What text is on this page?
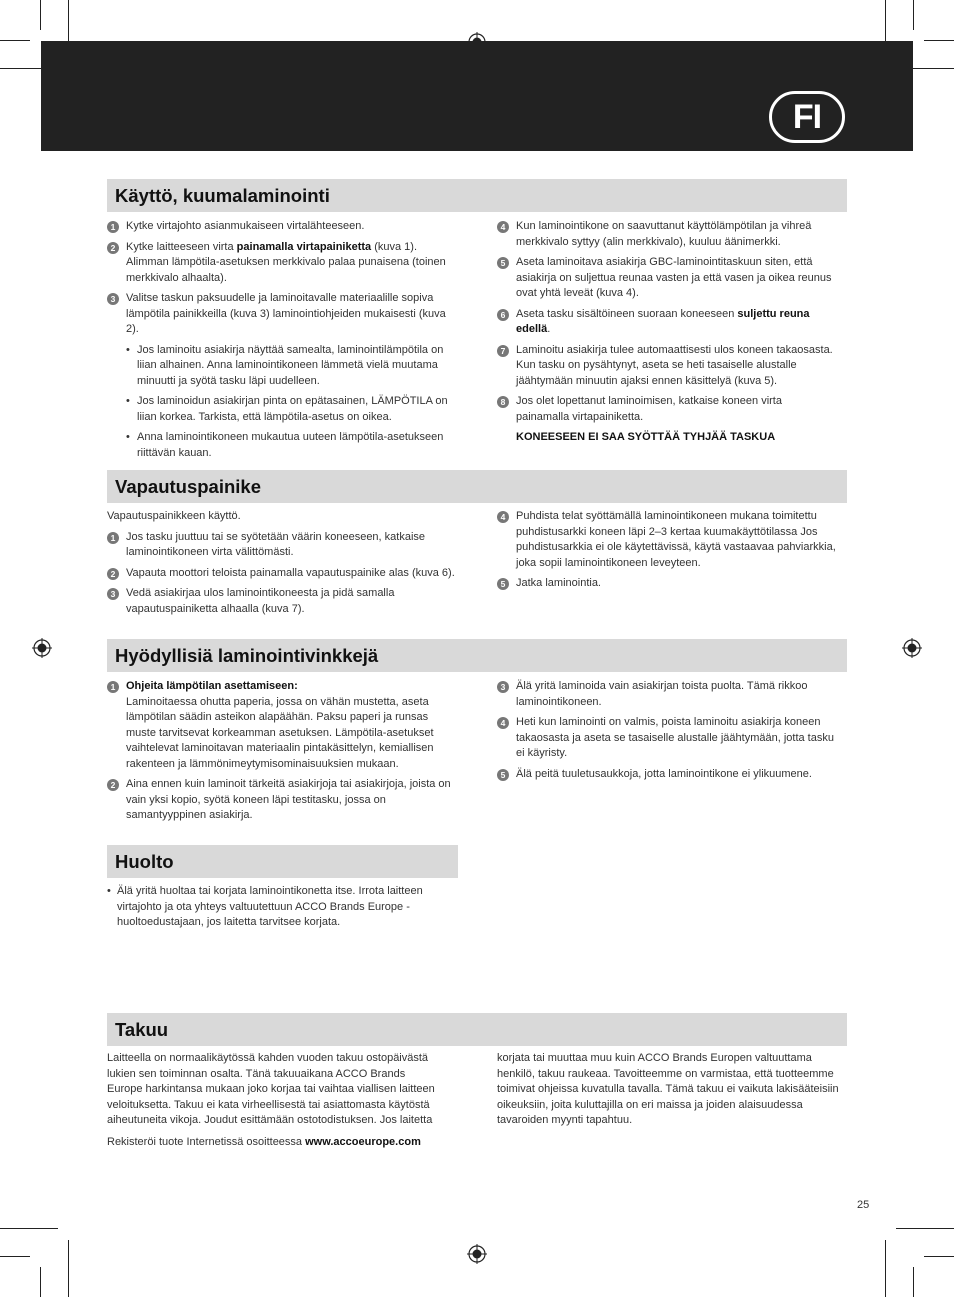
FI
Käyttö, kuumalaminointi
1 Kytke virtajohto asianmukaiseen virtalähteeseen.
2 Kytke laitteeseen virta painamalla virtapainiketta (kuva 1). Alimman lämpötila-asetuksen merkkivalo palaa punaisena (toinen merkkivalo alhaalta).
3 Valitse taskun paksuudelle ja laminoitavalle materiaalille sopiva lämpötila painikkeilla (kuva 3) laminointiohjeiden mukaisesti (kuva 2).
• Jos laminoitu asiakirja näyttää samealta, laminointilämpötila on liian alhainen. Anna laminointikoneen lämmetä vielä muutama minuutti ja syötä tasku läpi uudelleen.
• Jos laminoidun asiakirjan pinta on epätasainen, LÄMPÖTILA on liian korkea. Tarkista, että lämpötila-asetus on oikea.
• Anna laminointikoneen mukautua uuteen lämpötila-asetukseen riittävän kauan.
4 Kun laminointikone on saavuttanut käyttölämpötilan ja vihreä merkkivalo syttyy (alin merkkivalo), kuuluu äänimerkki.
5 Aseta laminoitava asiakirja GBC-laminointitaskuun siten, että asiakirja on suljettua reunaa vasten ja että vasen ja oikea reunus ovat yhtä leveät (kuva 4).
6 Aseta tasku sisältöineen suoraan koneeseen suljettu reuna edellä.
7 Laminoitu asiakirja tulee automaattisesti ulos koneen takaosasta. Kun tasku on pysähtynyt, aseta se heti tasaiselle alustalle jäähtymään minuutin ajaksi ennen käsittelyä (kuva 5).
8 Jos olet lopettanut laminoimisen, katkaise koneen virta painamalla virtapainiketta.
KONEESEEN EI SAA SYÖTTÄÄ TYHJÄÄ TASKUA
Vapautuspainike

Vapautuspainikkeen käyttö.

1 Jos tasku juuttuu tai se syötetään väärin koneeseen, katkaise laminointikoneen virta välittömästi.
2 Vapauta moottori teloista painamalla vapautuspainike alas (kuva 6).
3 Vedä asiakirjaa ulos laminointikoneesta ja pidä samalla vapautuspainiketta alhaalla (kuva 7).
4 Puhdista telat syöttämällä laminointikoneen mukana toimitettu puhdistusarkki koneen läpi 2–3 kertaa kuumakäyttötilassa Jos puhdistusarkkia ei ole käytettävissä, käytä vastaavaa pahviarkkia, joka sopii laminointikoneen leveyteen.
5 Jatka laminointia.
Hyödyllisiä laminointivinkkejä
1 Ohjeita lämpötilan asettamiseen:
Laminoitaessa ohutta paperia, jossa on vähän mustetta, aseta lämpötilan säädin asteikon alapäähän. Paksu paperi ja runsas muste tarvitsevat korkeamman asetuksen. Lämpötila-asetukset vaihtelevat laminoitavan materiaalin pintakäsittelyn, kemiallisen rakenteen ja lämmönimeytymisominaisuuksien mukaan.
2 Aina ennen kuin laminoit tärkeitä asiakirjoja tai asiakirjoja, joista on vain yksi kopio, syötä koneen läpi testitasku, jossa on samantyyppinen asiakirja.
3 Älä yritä laminoida vain asiakirjan toista puolta. Tämä rikkoo laminointikoneen.
4 Heti kun laminointi on valmis, poista laminoitu asiakirja koneen takaosasta ja aseta se tasaiselle alustalle jäähtymään, jotta tasku ei käyristy.
5 Älä peitä tuuletusaukkoja, jotta laminointikone ei ylikuumene.
Huolto
• Älä yritä huoltaa tai korjata laminointikonetta itse. Irrota laitteen virtajohto ja ota yhteys valtuutettuun ACCO Brands Europe -huoltoedustajaan, jos laitetta tarvitsee korjata.
Takuu

Laitteella on normaalikäytössä kahden vuoden takuu ostopäivästä lukien sen toiminnan osalta. Tänä takuuaikana ACCO Brands Europe harkintansa mukaan joko korjaa tai vaihtaa viallisen laitteen veloituksetta. Takuu ei kata virheellisestä tai asiattomasta käytöstä aiheutuneita vikoja. Joudut esittämään ostotodistuksen. Jos laitetta

Rekisteröi tuote Internetissä osoitteessa www.accoeurope.com

korjata tai muuttaa muu kuin ACCO Brands Europen valtuuttama henkilö, takuu raukeaa. Tavoitteemme on varmistaa, että tuotteemme toimivat ohjeissa kuvatulla tavalla. Tämä takuu ei vaikuta lakisääteisiin oikeuksiin, joita kuluttajilla on eri maissa ja joiden alaisuudessa tavaroiden myynti tapahtuu.

25
